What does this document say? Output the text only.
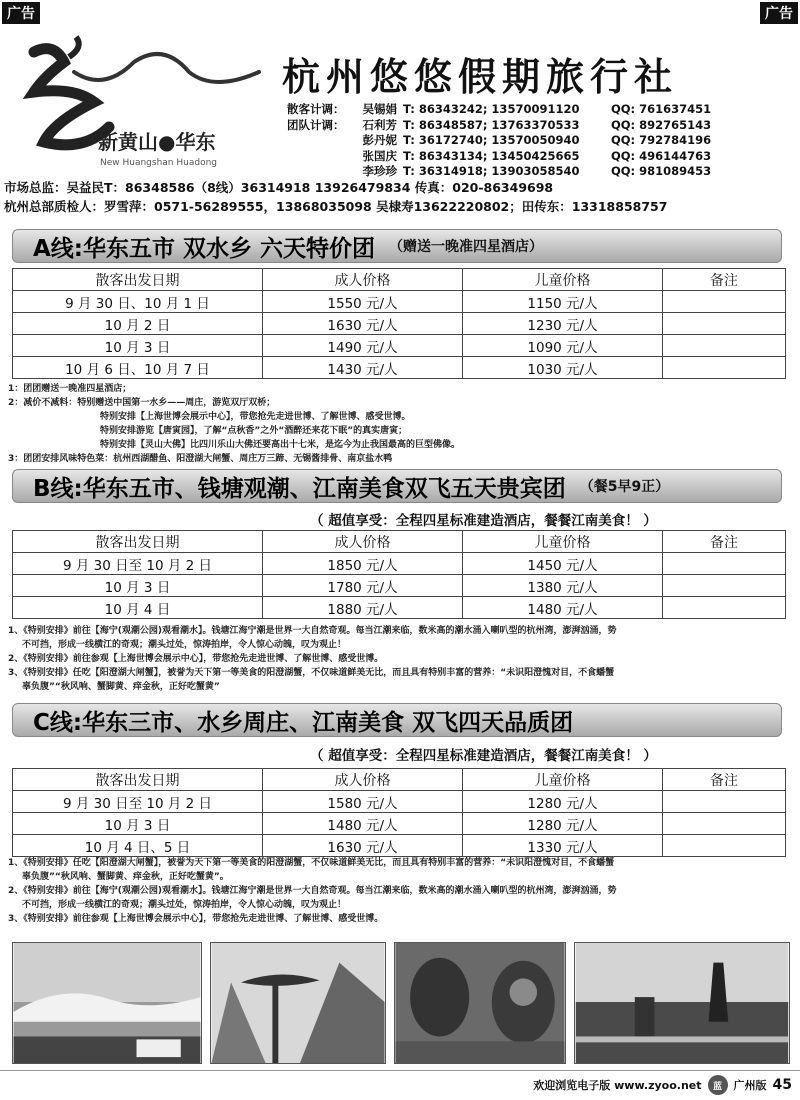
广告	广告
新黄山●华东
New Huangshan Huadong
杭州悠悠假期旅行社
散客计调：	吴锡娟 T: 86343242; 13570091120	QQ: 761637451
团队计调：	石利芳 T: 86348587; 13763370533	QQ: 892765143
彭丹妮 T: 36172740; 13570050940	QQ: 792784196
张国庆 T: 86343134; 13450425665	QQ: 496144763
李珍珍 T: 36314918; 13903058540	QQ: 981089453
市场总监：吴益民T：86348586（8线）36314918 13926479834 传真：020-86349698
杭州总部质检人：罗雪萍：0571-56289555，13868035098 吴棣寿13622220802；田传东：13318858757
A线:华东五市 双水乡 六天特价团 （赠送一晚准四星酒店）
散客出发日期	成人价格	儿童价格	备注
9 月 30 日、10 月 1 日	1550 元/人	1150 元/人	
10 月 2 日	1630 元/人	1230 元/人	
10 月 3 日	1490 元/人	1090 元/人	
10 月 6 日、10 月 7 日	1430 元/人	1030 元/人	
1：团团赠送一晚准四星酒店；
2：减价不减料：特别赠送中国第一水乡——周庄，游览双厅双桥；
特别安排【上海世博会展示中心】，带您抢先走进世博、了解世博、感受世博。
特别安排游览【唐寅园】，了解“点秋香”之外“酒醉还来花下眠”的真实唐寅；
特别安排【灵山大佛】比四川乐山大佛还要高出十七米，是迄今为止我国最高的巨型佛像。
3：团团安排风味特色菜：杭州西湖醋鱼、阳澄湖大闸蟹、周庄万三蹄、无锡酱排骨、南京盐水鸭
B线:华东五市、钱塘观潮、江南美食双飞五天贵宾团 （餐5早9正）
（ 超值享受：全程四星标准建造酒店，餐餐江南美食！ ）
散客出发日期	成人价格	儿童价格	备注
9 月 30 日至 10 月 2 日	1850 元/人	1450 元/人	
10 月 3 日	1780 元/人	1380 元/人	
10 月 4 日	1880 元/人	1480 元/人	
1、《特别安排》前往【海宁(观潮公园)观看潮水】。钱塘江海宁潮是世界一大自然奇观。每当江潮来临，数米高的潮水涌入喇叭型的杭州湾，澎湃汹涌，势
不可挡，形成一线横江的奇观；潮头过处，惊涛拍岸，令人惊心动魄，叹为观止！
2、《特别安排》前往参观【上海世博会展示中心】，带您抢先走进世博、了解世博、感受世博。
3、《特别安排》任吃【阳澄湖大闸蟹】，被誉为天下第一等美食的阳澄湖蟹，不仅味道鲜美无比，而且具有特别丰富的营养：“未识阳澄愧对目，不食蟠蟹
辜负腹”“秋风响、蟹脚黄、痒金秋，正好吃蟹黄”
C线:华东三市、水乡周庄、江南美食 双飞四天品质团
（ 超值享受：全程四星标准建造酒店，餐餐江南美食！ ）
散客出发日期	成人价格	儿童价格	备注
9 月 30 日至 10 月 2 日	1580 元/人	1280 元/人	
10 月 3 日	1480 元/人	1280 元/人	
10 月 4 日、5 日	1630 元/人	1330 元/人	
1、《特别安排》任吃【阳澄湖大闸蟹】，被誉为天下第一等美食的阳澄湖蟹，不仅味道鲜美无比，而且具有特别丰富的营养：“未识阳澄愧对目，不食蟠蟹
辜负腹”“秋风响、蟹脚黄、痒金秋，正好吃蟹黄”。
2、《特别安排》前往【海宁(观潮公园)观看潮水】。钱塘江海宁潮是世界一大自然奇观。每当江潮来临，数米高的潮水涌入喇叭型的杭州湾，澎湃汹涌，势
不可挡，形成一线横江的奇观；潮头过处，惊涛拍岸，令人惊心动魄，叹为观止！
3、《特别安排》前往参观【上海世博会展示中心】，带您抢先走进世博、了解世博、感受世博。
欢迎浏览电子版 www.zyoo.net	蓝	广州版 45
